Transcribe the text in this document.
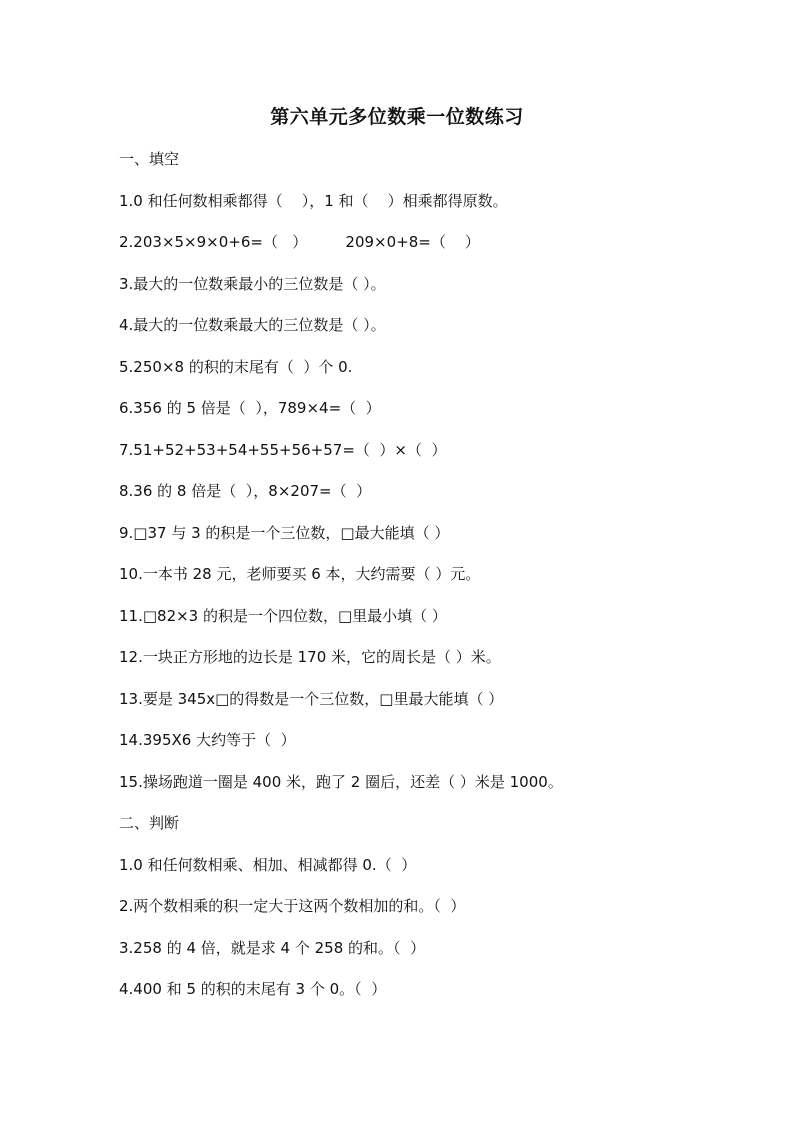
第六单元多位数乘一位数练习
一、填空
1.0 和任何数相乘都得（    ），1 和（    ）相乘都得原数。
2.203×5×9×0+6=（   ）        209×0+8=（    ）
3.最大的一位数乘最小的三位数是（ ）。
4.最大的一位数乘最大的三位数是（ ）。
5.250×8 的积的末尾有（  ）个 0.
6.356 的 5 倍是（  ），789×4=（  ）
7.51+52+53+54+55+56+57=（  ）×（  ）
8.36 的 8 倍是（  ），8×207=（  ）
9.□37 与 3 的积是一个三位数，□最大能填（ ）
10.一本书 28 元，老师要买 6 本，大约需要（ ）元。
11.□82×3 的积是一个四位数，□里最小填（ ）
12.一块正方形地的边长是 170 米，它的周长是（ ）米。
13.要是 345x□的得数是一个三位数，□里最大能填（ ）
14.395X6 大约等于（  ）
15.操场跑道一圈是 400 米，跑了 2 圈后，还差（ ）米是 1000。
二、判断
1.0 和任何数相乘、相加、相减都得 0.（  ）
2.两个数相乘的积一定大于这两个数相加的和。（  ）
3.258 的 4 倍，就是求 4 个 258 的和。（  ）
4.400 和 5 的积的末尾有 3 个 0。（  ）
